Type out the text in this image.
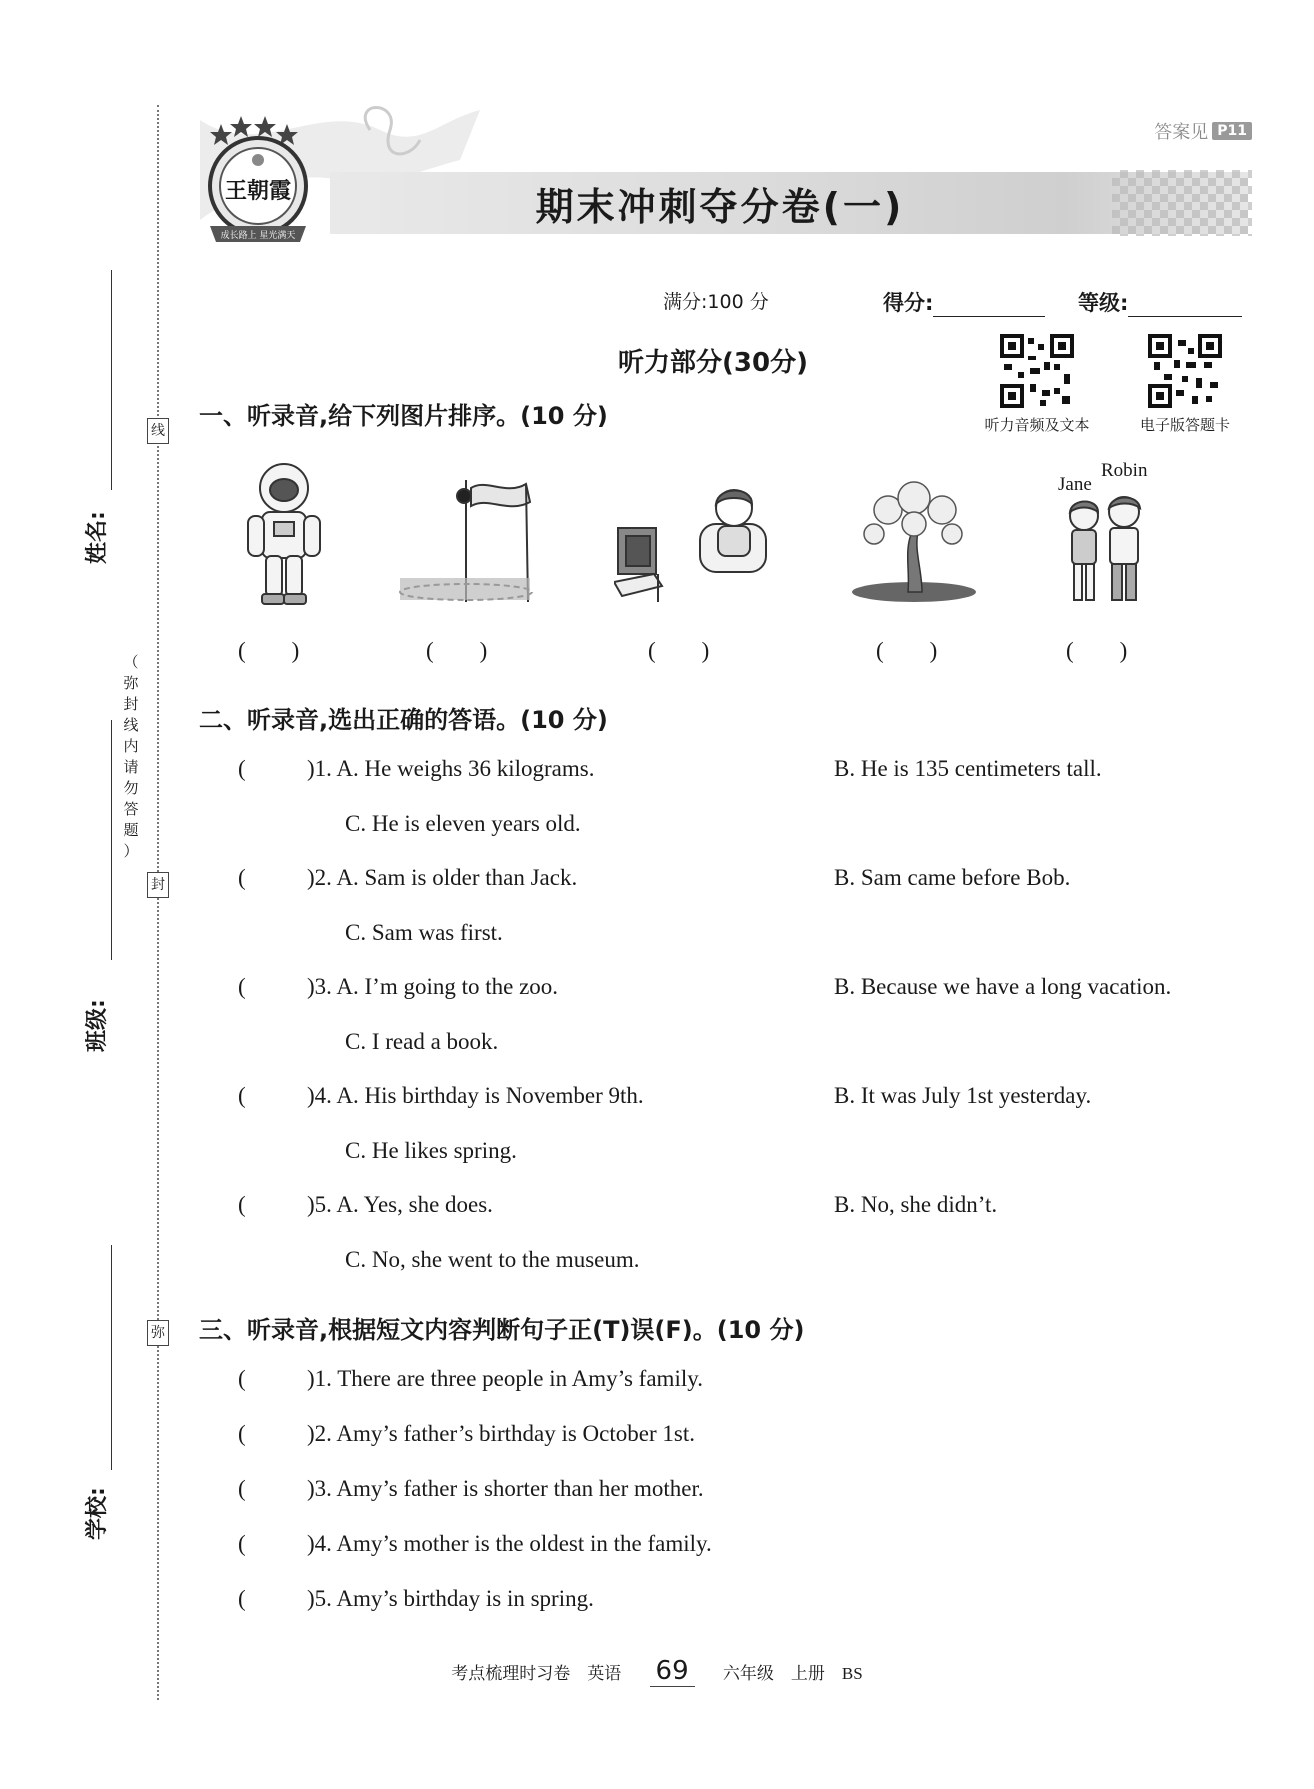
姓名:
班级:
学校:
线
封
弥
（
弥
封
线
内
请
勿
答
题
）
期末冲刺夺分卷(一)
答案见 P11
王朝霞
成长路上 星光满天
满分:100 分	得分:	等级:
听力部分(30分)
听力音频及文本	电子版答题卡
一、听录音,给下列图片排序。(10 分)
Jane
Robin
(　　)	(　　)	(　　)	(　　)	(　　)
二、听录音,选出正确的答语。(10 分)
(	)1. A. He weighs 36 kilograms.	B. He is 135 centimeters tall.
C. He is eleven years old.
(	)2. A. Sam is older than Jack.	B. Sam came before Bob.
C. Sam was first.
(	)3. A. I’m going to the zoo.	B. Because we have a long vacation.
C. I read a book.
(	)4. A. His birthday is November 9th.	B. It was July 1st yesterday.
C. He likes spring.
(	)5. A. Yes, she does.	B. No, she didn’t.
C. No, she went to the museum.
三、听录音,根据短文内容判断句子正(T)误(F)。(10 分)
(	)1. There are three people in Amy’s family.
(	)2. Amy’s father’s birthday is October 1st.
(	)3. Amy’s father is shorter than her mother.
(	)4. Amy’s mother is the oldest in the family.
(	)5. Amy’s birthday is in spring.
考点梳理时习卷　英语 69 六年级　上册　BS
